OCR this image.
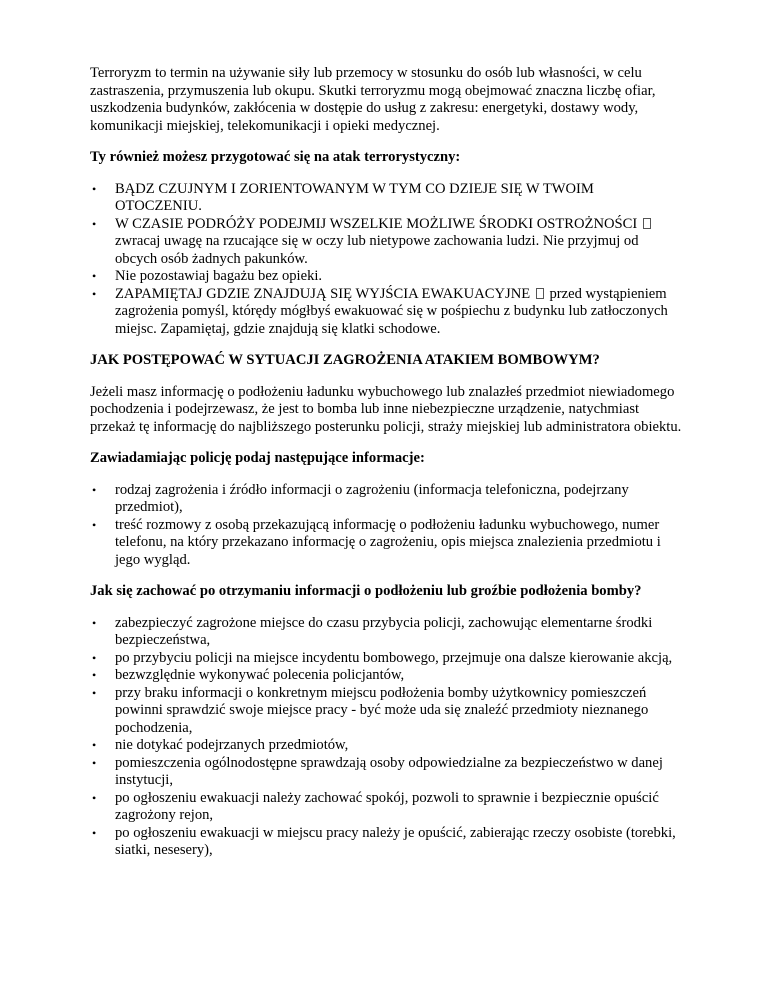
Terroryzm to termin na używanie siły lub przemocy w stosunku do osób lub własności, w celu zastraszenia, przymuszenia lub okupu. Skutki terroryzmu mogą obejmować znaczna liczbę ofiar, uszkodzenia budynków, zakłócenia w dostępie do usług z zakresu: energetyki, dostawy wody, komunikacji miejskiej, telekomunikacji i opieki medycznej.

Ty również możesz przygotować się na atak terrorystyczny:

• BĄDZ CZUJNYM I ZORIENTOWANYM W TYM CO DZIEJE SIĘ W TWOIM OTOCZENIU.
• W CZASIE PODRÓŻY PODEJMIJ WSZELKIE MOŻLIWE ŚRODKI OSTROŻNOŚCI  zwracaj uwagę na rzucające się w oczy lub nietypowe zachowania ludzi. Nie przyjmuj od obcych osób żadnych pakunków.
• Nie pozostawiaj bagażu bez opieki.
• ZAPAMIĘTAJ GDZIE ZNAJDUJĄ SIĘ WYJŚCIA EWAKUACYJNE przed wystąpieniem zagrożenia pomyśl, którędy mógłbyś ewakuować się w pośpiechu z budynku lub zatłoczonych miejsc. Zapamiętaj, gdzie znajdują się klatki schodowe.

JAK POSTĘPOWAĆ W SYTUACJI ZAGROŻENIA ATAKIEM BOMBOWYM?

Jeżeli masz informację o podłożeniu ładunku wybuchowego lub znalazłeś przedmiot niewiadomego pochodzenia i podejrzewasz, że jest to bomba lub inne niebezpieczne urządzenie, natychmiast przekaż tę informację do najbliższego posterunku policji, straży miejskiej lub administratora obiektu.

Zawiadamiając policję podaj następujące informacje:

• rodzaj zagrożenia i źródło informacji o zagrożeniu (informacja telefoniczna, podejrzany przedmiot),
• treść rozmowy z osobą przekazującą informację o podłożeniu ładunku wybuchowego, numer telefonu, na który przekazano informację o zagrożeniu, opis miejsca znalezienia przedmiotu i jego wygląd.

Jak się zachować po otrzymaniu informacji o podłożeniu lub groźbie podłożenia bomby?

• zabezpieczyć zagrożone miejsce do czasu przybycia policji, zachowując elementarne środki bezpieczeństwa,
• po przybyciu policji na miejsce incydentu bombowego, przejmuje ona dalsze kierowanie akcją,
• bezwzględnie wykonywać polecenia policjantów,
• przy braku informacji o konkretnym miejscu podłożenia bomby użytkownicy pomieszczeń powinni sprawdzić swoje miejsce pracy - być może uda się znaleźć przedmioty nieznanego pochodzenia,
• nie dotykać podejrzanych przedmiotów,
• pomieszczenia ogólnodostępne sprawdzają osoby odpowiedzialne za bezpieczeństwo w danej instytucji,
• po ogłoszeniu ewakuacji należy zachować spokój, pozwoli to sprawnie i bezpiecznie opuścić zagrożony rejon,
• po ogłoszeniu ewakuacji w miejscu pracy należy je opuścić, zabierając rzeczy osobiste (torebki, siatki, nesesery),
